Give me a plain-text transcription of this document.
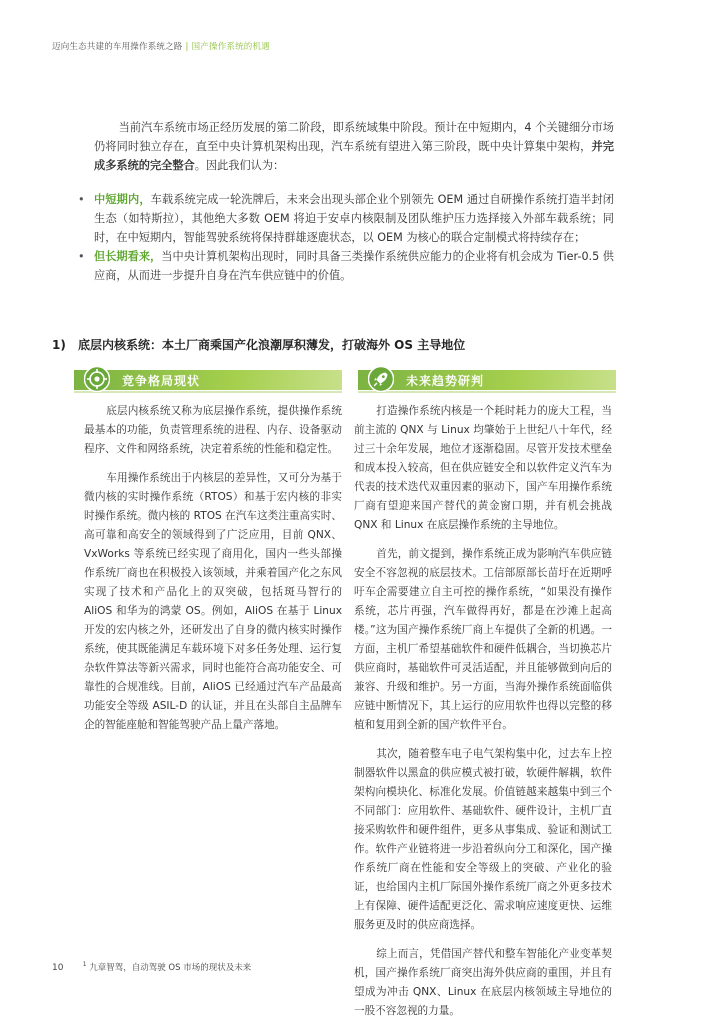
迈向生态共建的车用操作系统之路 | 国产操作系统的机遇

当前汽车系统市场正经历发展的第二阶段，即系统域集中阶段。预计在中短期内，4 个关键细分市场仍将同时独立存在，直至中央计算机架构出现，汽车系统有望进入第三阶段，既中央计算集中架构，并完成多系统的完全整合。因此我们认为：

• 中短期内，车载系统完成一轮洗牌后，未来会出现头部企业个别领先 OEM 通过自研操作系统打造半封闭生态（如特斯拉），其他绝大多数 OEM 将迫于安卓内核限制及团队维护压力选择接入外部车载系统；同时，在中短期内，智能驾驶系统将保持群雄逐鹿状态，以 OEM 为核心的联合定制模式将持续存在；
• 但长期看来，当中央计算机架构出现时，同时具备三类操作系统供应能力的企业将有机会成为 Tier-0.5 供应商，从而进一步提升自身在汽车供应链中的价值。
1) 底层内核系统：本土厂商乘国产化浪潮厚积薄发，打破海外 OS 主导地位
竞争格局现状	未来趋势研判

底层内核系统又称为底层操作系统，提供操作系统最基本的功能，负责管理系统的进程、内存、设备驱动程序、文件和网络系统，决定着系统的性能和稳定性。

车用操作系统出于内核层的差异性，又可分为基于微内核的实时操作系统（RTOS）和基于宏内核的非实时操作系统。微内核的 RTOS 在汽车这类注重高实时、高可靠和高安全的领域得到了广泛应用，目前 QNX、VxWorks 等系统已经实现了商用化，国内一些头部操作系统厂商也在积极投入该领域，并乘着国产化之东风实现了技术和产品化上的双突破，包括斑马智行的 AliOS 和华为的鸿蒙 OS。例如，AliOS 在基于 Linux 开发的宏内核之外，还研发出了自身的微内核实时操作系统，使其既能满足车载环境下对多任务处理、运行复杂软件算法等新兴需求，同时也能符合高功能安全、可靠性的合规准线。目前，AliOS 已经通过汽车产品最高功能安全等级 ASIL-D 的认证，并且在头部自主品牌车企的智能座舱和智能驾驶产品上量产落地。

打造操作系统内核是一个耗时耗力的庞大工程，当前主流的 QNX 与 Linux 均肇始于上世纪八十年代，经过三十余年发展，地位才逐渐稳固。尽管开发技术壁垒和成本投入较高，但在供应链安全和以软件定义汽车为代表的技术迭代双重因素的驱动下，国产车用操作系统厂商有望迎来国产替代的黄金窗口期，并有机会挑战 QNX 和 Linux 在底层操作系统的主导地位。

首先，前文提到，操作系统正成为影响汽车供应链安全不容忽视的底层技术。工信部原部长苗圩在近期呼吁车企需要建立自主可控的操作系统，“如果没有操作系统，芯片再强，汽车做得再好，都是在沙滩上起高楼。”这为国产操作系统厂商上车提供了全新的机遇。一方面，主机厂希望基础软件和硬件低耦合，当切换芯片供应商时，基础软件可灵活适配，并且能够做到向后的兼容、升级和维护。另一方面，当海外操作系统面临供应链中断情况下，其上运行的应用软件也得以完整的移植和复用到全新的国产软件平台。

其次，随着整车电子电气架构集中化，过去车上控制器软件以黑盒的供应模式被打破，软硬件解耦，软件架构向模块化、标准化发展。价值链越来越集中到三个不同部门：应用软件、基础软件、硬件设计，主机厂直接采购软件和硬件组件，更多从事集成、验证和测试工作。软件产业链将进一步沿着纵向分工和深化，国产操作系统厂商在性能和安全等级上的突破、产业化的验证，也给国内主机厂际国外操作系统厂商之外更多技术上有保障、硬件适配更泛化、需求响应速度更快、运维服务更及时的供应商选择。

综上而言，凭借国产替代和整车智能化产业变革契机，国产操作系统厂商突出海外供应商的重围，并且有望成为冲击 QNX、Linux 在底层内核领域主导地位的一股不容忽视的力量。

10	$^1$ 九章智驾，自动驾驶 OS 市场的现状及未来
